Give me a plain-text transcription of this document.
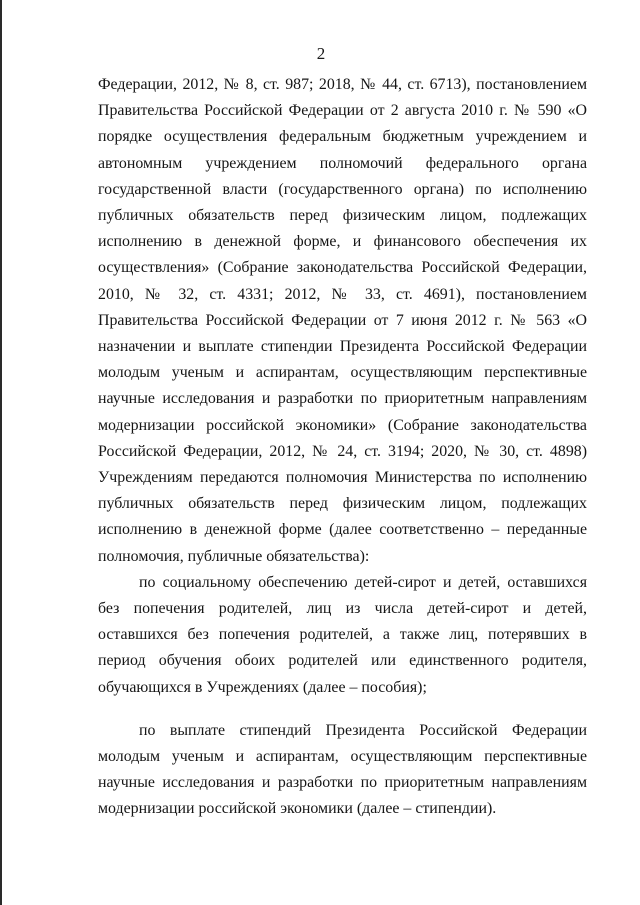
2

Федерации, 2012, № 8, ст. 987; 2018, № 44, ст. 6713), постановлением Правительства Российской Федерации от 2 августа 2010 г. № 590 «О порядке осуществления федеральным бюджетным учреждением и автономным учреждением полномочий федерального органа государственной власти (государственного органа) по исполнению публичных обязательств перед физическим лицом, подлежащих исполнению в денежной форме, и финансового обеспечения их осуществления» (Собрание законодательства Российской Федерации, 2010, № 32, ст. 4331; 2012, № 33, ст. 4691), постановлением Правительства Российской Федерации от 7 июня 2012 г. № 563 «О назначении и выплате стипендии Президента Российской Федерации молодым ученым и аспирантам, осуществляющим перспективные научные исследования и разработки по приоритетным направлениям модернизации российской экономики» (Собрание законодательства Российской Федерации, 2012, № 24, ст. 3194; 2020, № 30, ст. 4898) Учреждениям передаются полномочия Министерства по исполнению публичных обязательств перед физическим лицом, подлежащих исполнению в денежной форме (далее соответственно – переданные полномочия, публичные обязательства):

по социальному обеспечению детей-сирот и детей, оставшихся без попечения родителей, лиц из числа детей-сирот и детей, оставшихся без попечения родителей, а также лиц, потерявших в период обучения обоих родителей или единственного родителя, обучающихся в Учреждениях (далее – пособия);

по выплате стипендий Президента Российской Федерации молодым ученым и аспирантам, осуществляющим перспективные научные исследования и разработки по приоритетным направлениям модернизации российской экономики (далее – стипендии).
